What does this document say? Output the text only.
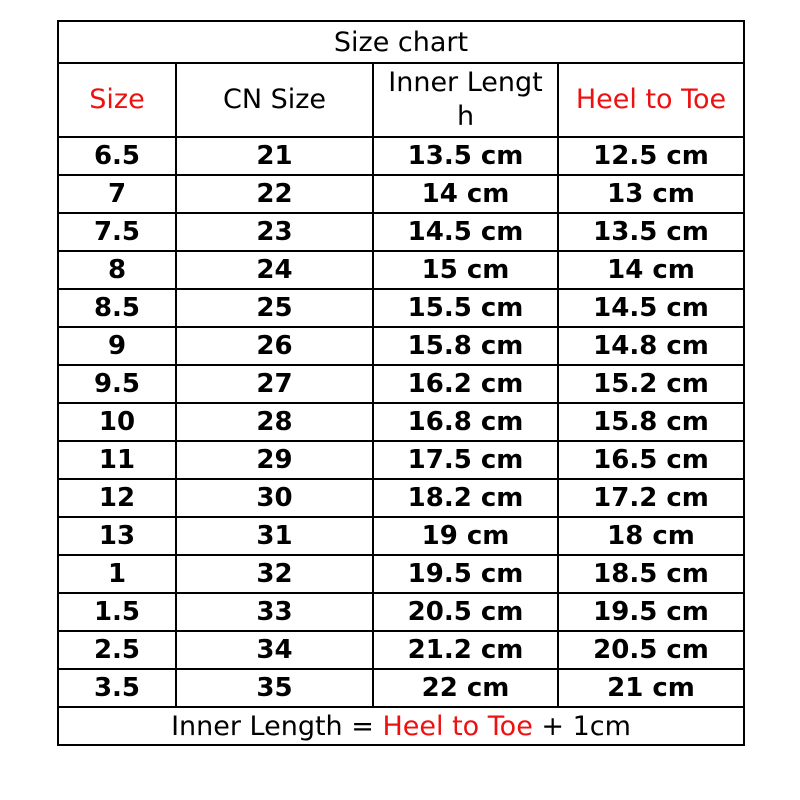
Size chart			
Size	CN Size	Inner Length	Heel to Toe
6.5	21	13.5 cm	12.5 cm
7	22	14 cm	13 cm
7.5	23	14.5 cm	13.5 cm
8	24	15 cm	14 cm
8.5	25	15.5 cm	14.5 cm
9	26	15.8 cm	14.8 cm
9.5	27	16.2 cm	15.2 cm
10	28	16.8 cm	15.8 cm
11	29	17.5 cm	16.5 cm
12	30	18.2 cm	17.2 cm
13	31	19 cm	18 cm
1	32	19.5 cm	18.5 cm
1.5	33	20.5 cm	19.5 cm
2.5	34	21.2 cm	20.5 cm
3.5	35	22 cm	21 cm
Inner Length = Heel to Toe + 1cm			
